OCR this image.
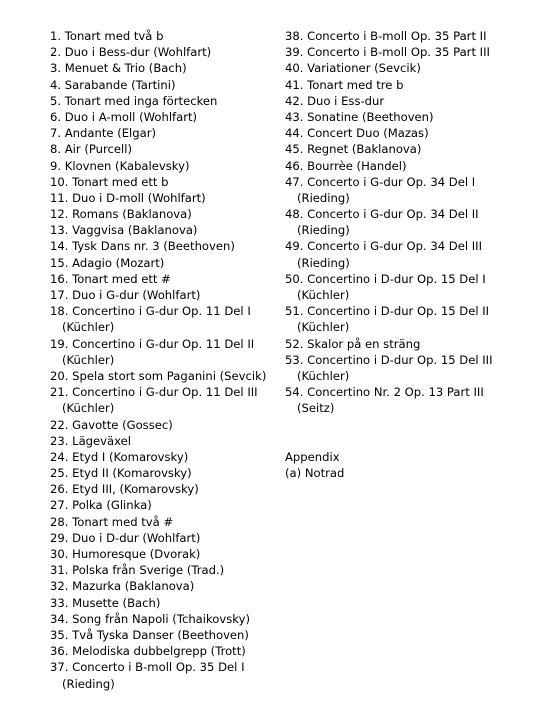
1. Tonart med två b
2. Duo i Bess-dur (Wohlfart)
3. Menuet & Trio (Bach)
4. Sarabande (Tartini)
5. Tonart med inga förtecken
6. Duo i A-moll (Wohlfart)
7. Andante (Elgar)
8. Air (Purcell)
9. Klovnen (Kabalevsky)
10. Tonart med ett b
11. Duo i D-moll (Wohlfart)
12. Romans (Baklanova)
13. Vaggvisa (Baklanova)
14. Tysk Dans nr. 3 (Beethoven)
15. Adagio (Mozart)
16. Tonart med ett #
17. Duo i G-dur (Wohlfart)
18. Concertino i G-dur Op. 11 Del I
(Küchler)
19. Concertino i G-dur Op. 11 Del II
(Küchler)
20. Spela stort som Paganini (Sevcik)
21. Concertino i G-dur Op. 11 Del III
(Küchler)
22. Gavotte (Gossec)
23. Lägeväxel
24. Etyd I (Komarovsky)
25. Etyd II (Komarovsky)
26. Etyd III, (Komarovsky)
27. Polka (Glinka)
28. Tonart med två #
29. Duo i D-dur (Wohlfart)
30. Humoresque (Dvorak)
31. Polska från Sverige (Trad.)
32. Mazurka (Baklanova)
33. Musette (Bach)
34. Song från Napoli (Tchaikovsky)
35. Två Tyska Danser (Beethoven)
36. Melodiska dubbelgrepp (Trott)
37. Concerto i B-moll Op. 35 Del I
(Rieding)
38. Concerto i B-moll Op. 35 Part II
39. Concerto i B-moll Op. 35 Part III
40. Variationer (Sevcik)
41. Tonart med tre b
42. Duo i Ess-dur
43. Sonatine (Beethoven)
44. Concert Duo (Mazas)
45. Regnet (Baklanova)
46. Bourrèe (Handel)
47. Concerto i G-dur Op. 34 Del I
(Rieding)
48. Concerto i G-dur Op. 34 Del II
(Rieding)
49. Concerto i G-dur Op. 34 Del III
(Rieding)
50. Concertino i D-dur Op. 15 Del I
(Küchler)
51. Concertino i D-dur Op. 15 Del II
(Küchler)
52. Skalor på en sträng
53. Concertino i D-dur Op. 15 Del III
(Küchler)
54. Concertino Nr. 2 Op. 13 Part III
(Seitz)
Appendix
(a) Notrad
